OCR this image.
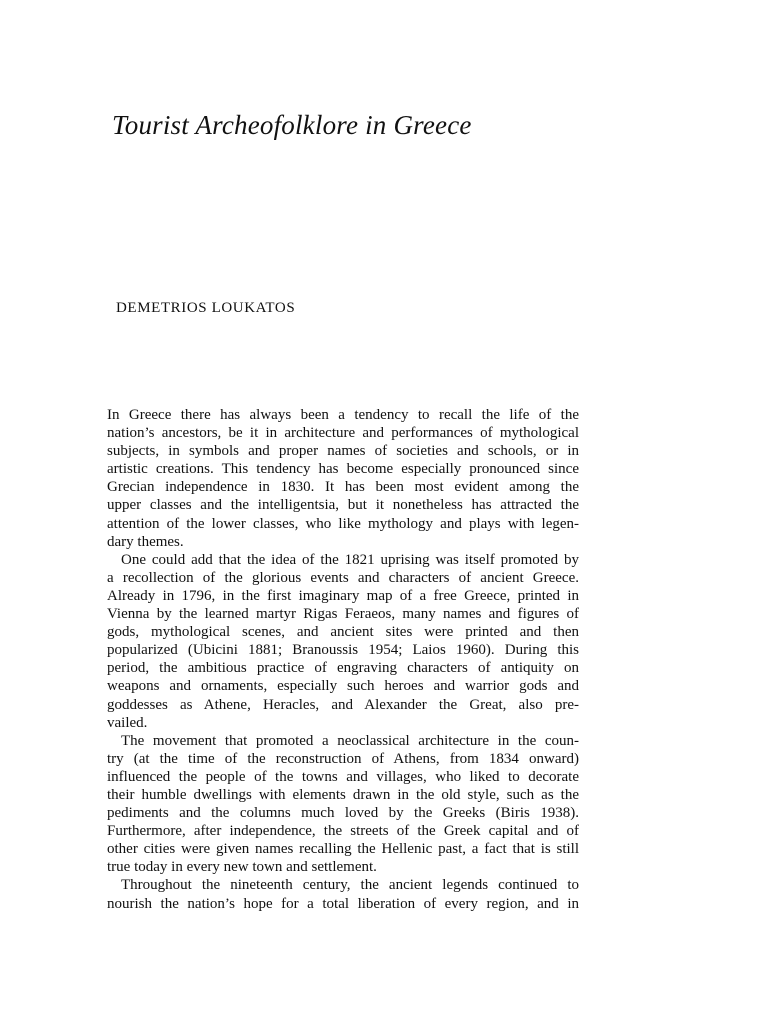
Tourist Archeofolklore in Greece
DEMETRIOS LOUKATOS
In Greece there has always been a tendency to recall the life of the
nation’s ancestors, be it in architecture and performances of mythological
subjects, in symbols and proper names of societies and schools, or in
artistic creations. This tendency has become especially pronounced since
Grecian independence in 1830. It has been most evident among the
upper classes and the intelligentsia, but it nonetheless has attracted the
attention of the lower classes, who like mythology and plays with legen-
dary themes.
One could add that the idea of the 1821 uprising was itself promoted by
a recollection of the glorious events and characters of ancient Greece.
Already in 1796, in the first imaginary map of a free Greece, printed in
Vienna by the learned martyr Rigas Feraeos, many names and figures of
gods, mythological scenes, and ancient sites were printed and then
popularized (Ubicini 1881; Branoussis 1954; Laios 1960). During this
period, the ambitious practice of engraving characters of antiquity on
weapons and ornaments, especially such heroes and warrior gods and
goddesses as Athene, Heracles, and Alexander the Great, also pre-
vailed.
The movement that promoted a neoclassical architecture in the coun-
try (at the time of the reconstruction of Athens, from 1834 onward)
influenced the people of the towns and villages, who liked to decorate
their humble dwellings with elements drawn in the old style, such as the
pediments and the columns much loved by the Greeks (Biris 1938).
Furthermore, after independence, the streets of the Greek capital and of
other cities were given names recalling the Hellenic past, a fact that is still
true today in every new town and settlement.
Throughout the nineteenth century, the ancient legends continued to
nourish the nation’s hope for a total liberation of every region, and in
